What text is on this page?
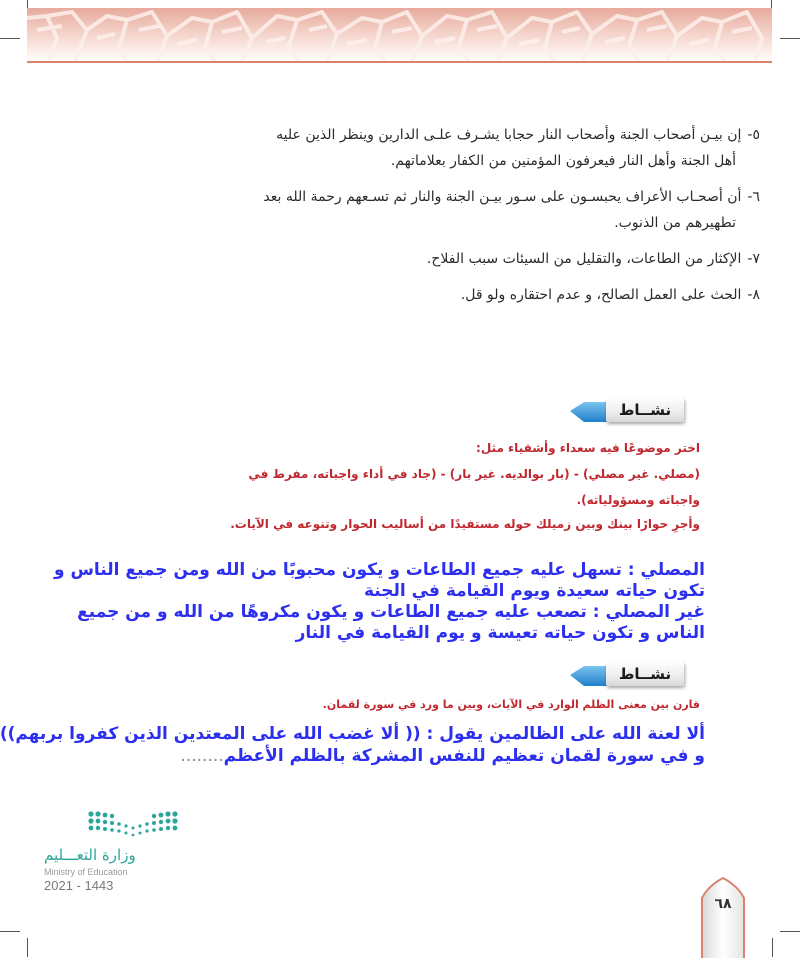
٥-إن بيـن أصحاب الجنة وأصحاب النار حجابا يشـرف علـى الدارين وينظر الذين عليه
أهل الجنة وأهل النار فيعرفون المؤمنين من الكفار بعلاماتهم.
٦-أن أصحـاب الأعراف يحبسـون على سـور بيـن الجنة والنار ثم تسـعهم رحمة الله بعد
تطهيرهم من الذنوب.
٧-الإكثار من الطاعات، والتقليل من السيئات سبب الفلاح.
٨-الحث على العمل الصالح، و عدم احتقاره ولو قل.
نشــاط
اختر موضوعًا فيه سعداء وأشقياء مثل:
(مصلي. غير مصلي) - (بار بوالديه. غير بار) - (جاد في أداء واجباته، مفرط في
واجباته ومسؤولياته).
وأجرِ حوارًا بينك وبين زميلك حوله مستفيدًا من أساليب الحوار وتنوعه في الآيات.
المصلي : تسهل عليه جميع الطاعات و يكون محبوبًا من الله ومن جميع الناس و
تكون حياته سعيدة ويوم القيامة في الجنة
غير المصلي : تصعب عليه جميع الطاعات و يكون مكروهًا من الله و من جميع
الناس و تكون حياته تعيسة و يوم القيامة في النار
نشــاط
قارن بين معنى الظلم الوارد في الآيات، وبين ما ورد في سورة لقمان.
ألا لعنة الله على الظالمين يقول : (( ألا غضب الله على المعتدين الذين كفروا بربهم))
و في سورة لقمان تعظيم للنفس المشركة بالظلم الأعظم........
وزارة التعـــليم
Ministry of Education
2021 - 1443
٦٨
